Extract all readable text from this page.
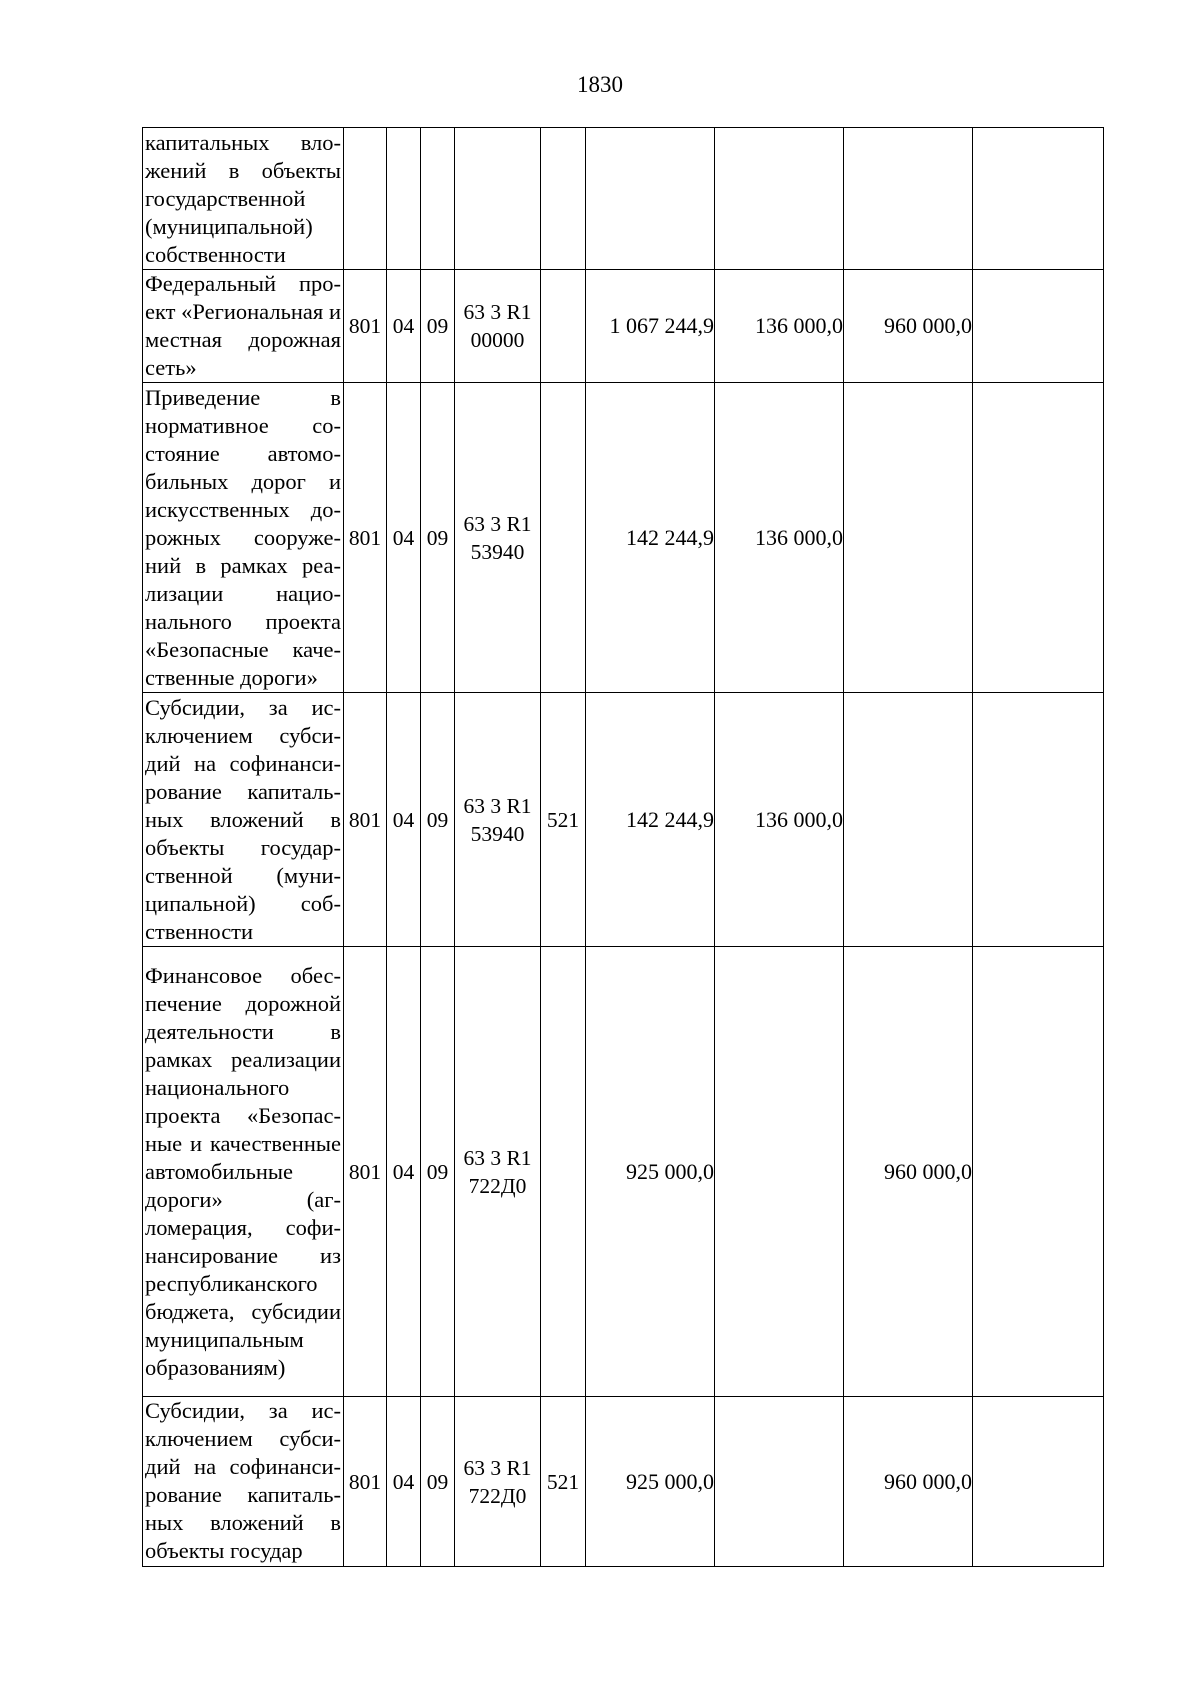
1830
капитальных вложений в объекты государственной (муниципальной) собственности									

Федеральный проект «Региональная и местная дорожная сеть»	801	04	09	63 3 R1 00000		1 067 244,9	136 000,0	960 000,0	

Приведение в нормативное состояние автомобильных дорог и искусственных дорожных сооружений в рамках реализации национального проекта «Безопасные качественные дороги»	801	04	09	63 3 R1 53940		142 244,9	136 000,0		

Субсидии, за исключением субсидий на софинансирование капитальных вложений в объекты государственной (муниципальной) собственности	801	04	09	63 3 R1 53940	521	142 244,9	136 000,0		

Финансовое обеспечение дорожной деятельности в рамках реализации национального проекта «Безопасные и качественные автомобильные дороги» (агломерация, софинансирование из республиканского бюджета, субсидии муниципальным образованиям)	801	04	09	63 3 R1 722Д0		925 000,0		960 000,0	

Субсидии, за исключением субсидий на софинансирование капитальных вложений в объекты государ	801	04	09	63 3 R1 722Д0	521	925 000,0		960 000,0	
